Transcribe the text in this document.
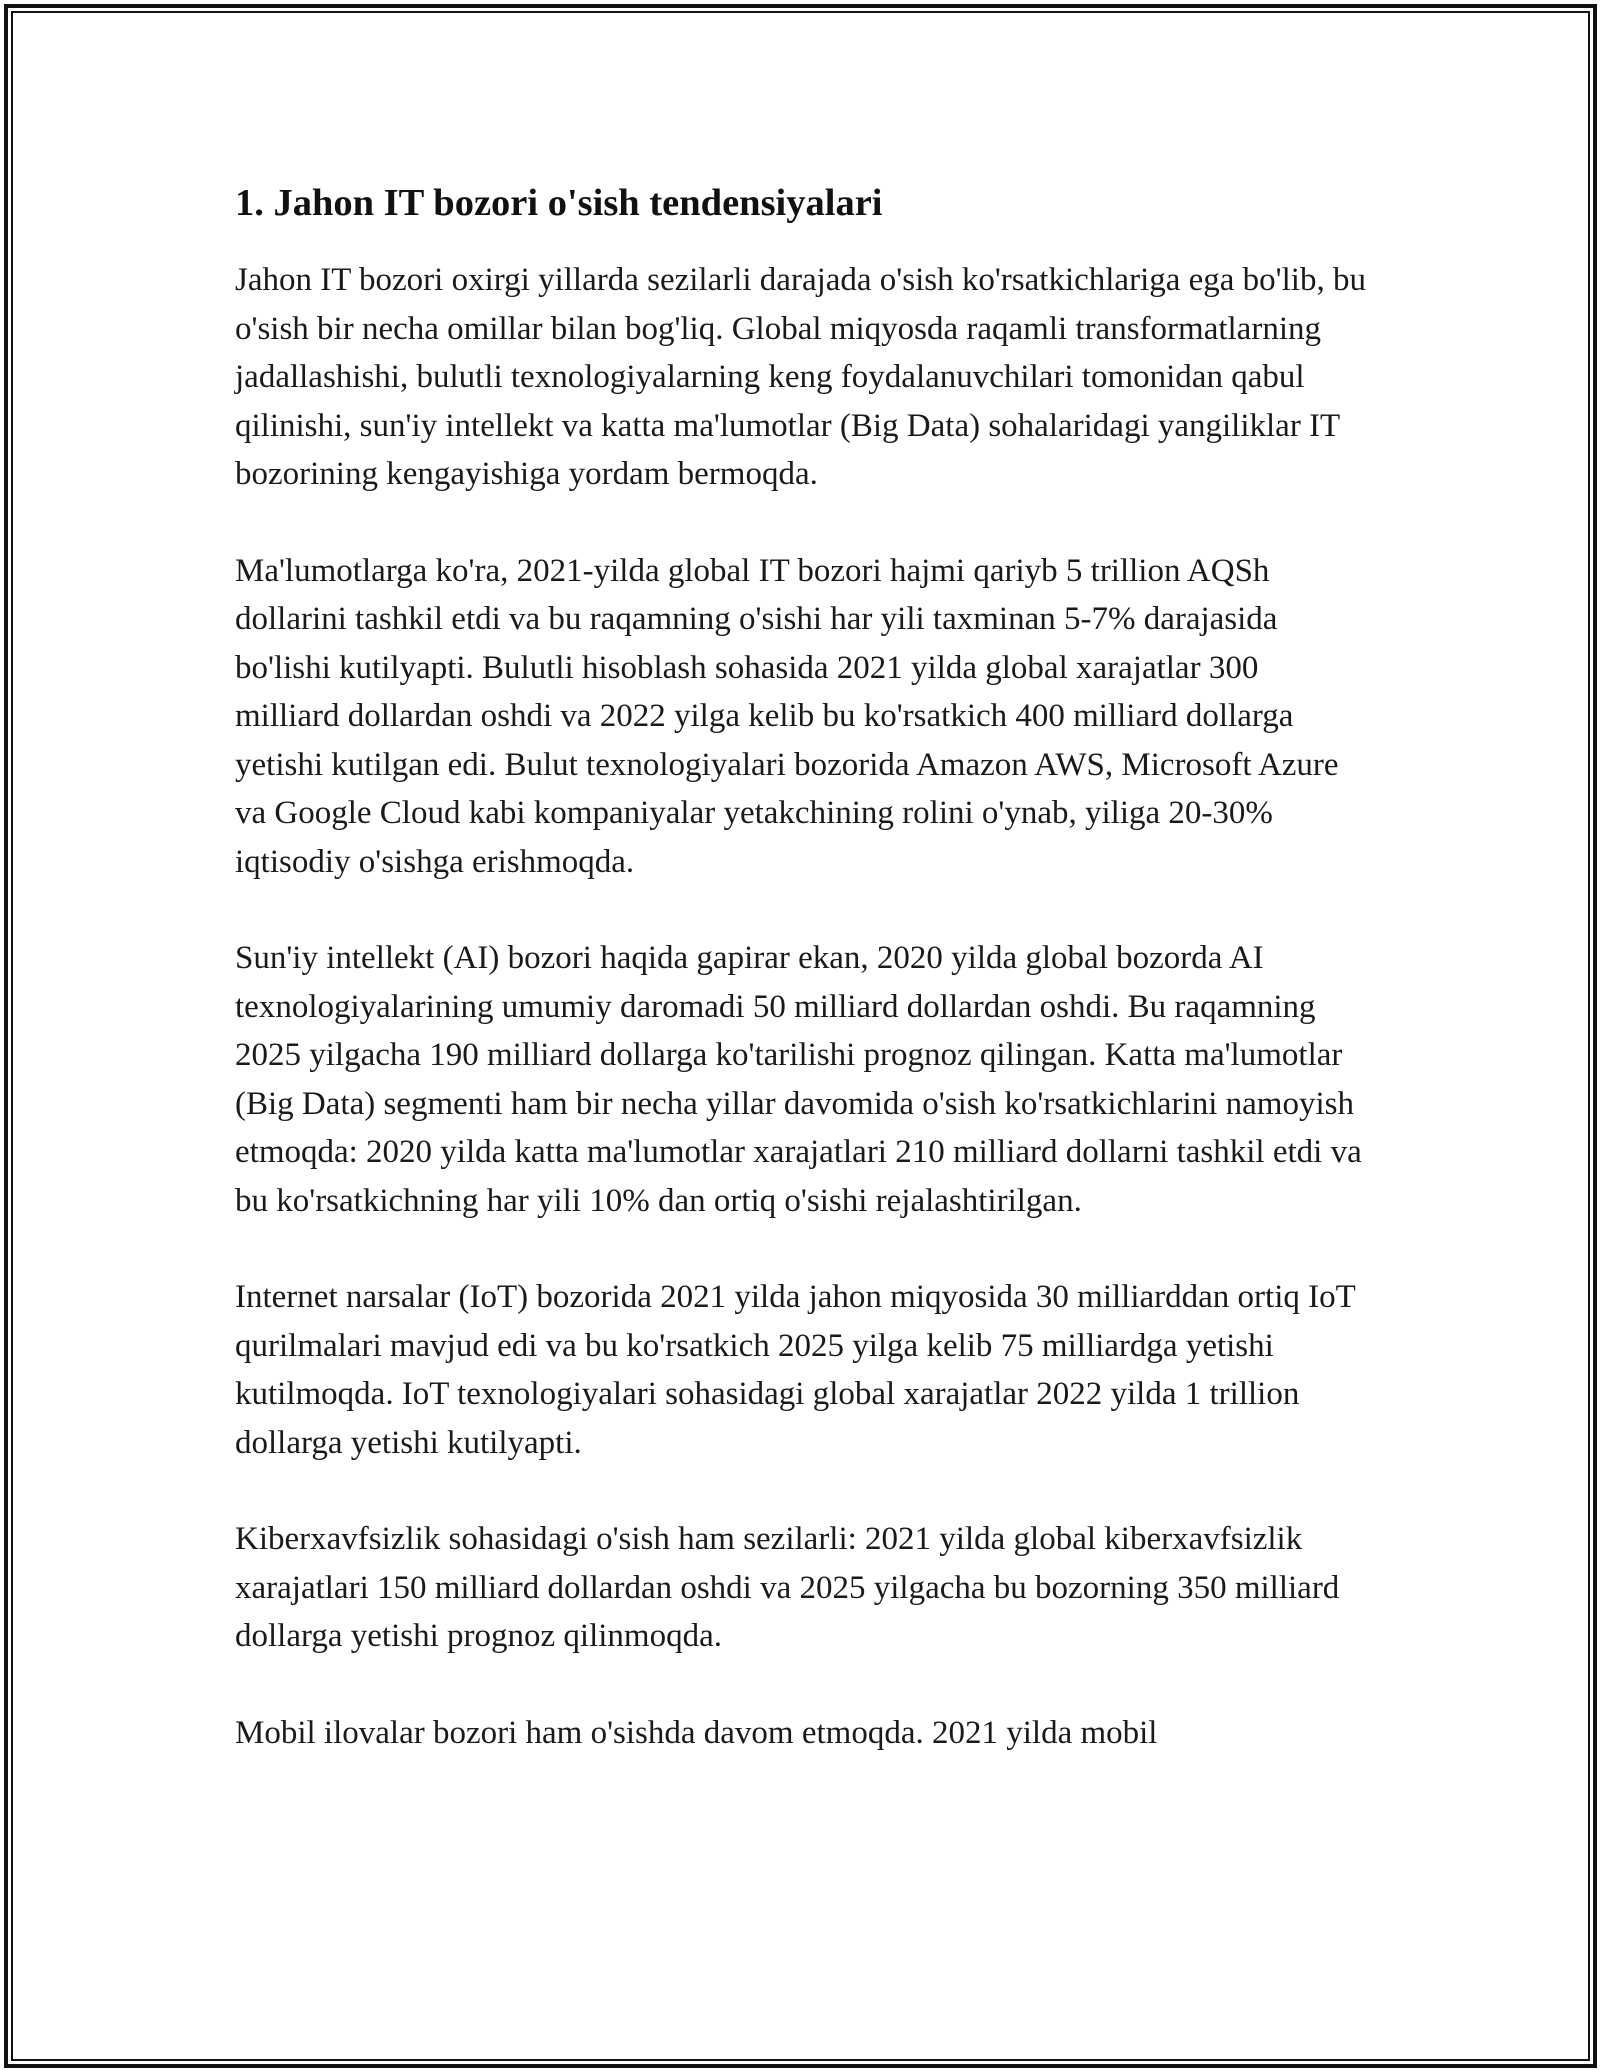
1. Jahon IT bozori o'sish tendensiyalari

Jahon IT bozori oxirgi yillarda sezilarli darajada o'sish ko'rsatkichlariga ega bo'lib, bu o'sish bir necha omillar bilan bog'liq. Global miqyosda raqamli transformatlarning jadallashishi, bulutli texnologiyalarning keng foydalanuvchilari tomonidan qabul qilinishi, sun'iy intellekt va katta ma'lumotlar (Big Data) sohalaridagi yangiliklar IT bozorining kengayishiga yordam bermoqda.

Ma'lumotlarga ko'ra, 2021-yilda global IT bozori hajmi qariyb 5 trillion AQSh dollarini tashkil etdi va bu raqamning o'sishi har yili taxminan 5-7% darajasida bo'lishi kutilyapti. Bulutli hisoblash sohasida 2021 yilda global xarajatlar 300 milliard dollardan oshdi va 2022 yilga kelib bu ko'rsatkich 400 milliard dollarga yetishi kutilgan edi. Bulut texnologiyalari bozorida Amazon AWS, Microsoft Azure va Google Cloud kabi kompaniyalar yetakchining rolini o'ynab, yiliga 20-30% iqtisodiy o'sishga erishmoqda.

Sun'iy intellekt (AI) bozori haqida gapirar ekan, 2020 yilda global bozorda AI texnologiyalarining umumiy daromadi 50 milliard dollardan oshdi. Bu raqamning 2025 yilgacha 190 milliard dollarga ko'tarilishi prognoz qilingan. Katta ma'lumotlar (Big Data) segmenti ham bir necha yillar davomida o'sish ko'rsatkichlarini namoyish etmoqda: 2020 yilda katta ma'lumotlar xarajatlari 210 milliard dollarni tashkil etdi va bu ko'rsatkichning har yili 10% dan ortiq o'sishi rejalashtirilgan.

Internet narsalar (IoT) bozorida 2021 yilda jahon miqyosida 30 milliarddan ortiq IoT qurilmalari mavjud edi va bu ko'rsatkich 2025 yilga kelib 75 milliardga yetishi kutilmoqda. IoT texnologiyalari sohasidagi global xarajatlar 2022 yilda 1 trillion dollarga yetishi kutilyapti.

Kiberxavfsizlik sohasidagi o'sish ham sezilarli: 2021 yilda global kiberxavfsizlik xarajatlari 150 milliard dollardan oshdi va 2025 yilgacha bu bozorning 350 milliard dollarga yetishi prognoz qilinmoqda.

Mobil ilovalar bozori ham o'sishda davom etmoqda. 2021 yilda mobil
